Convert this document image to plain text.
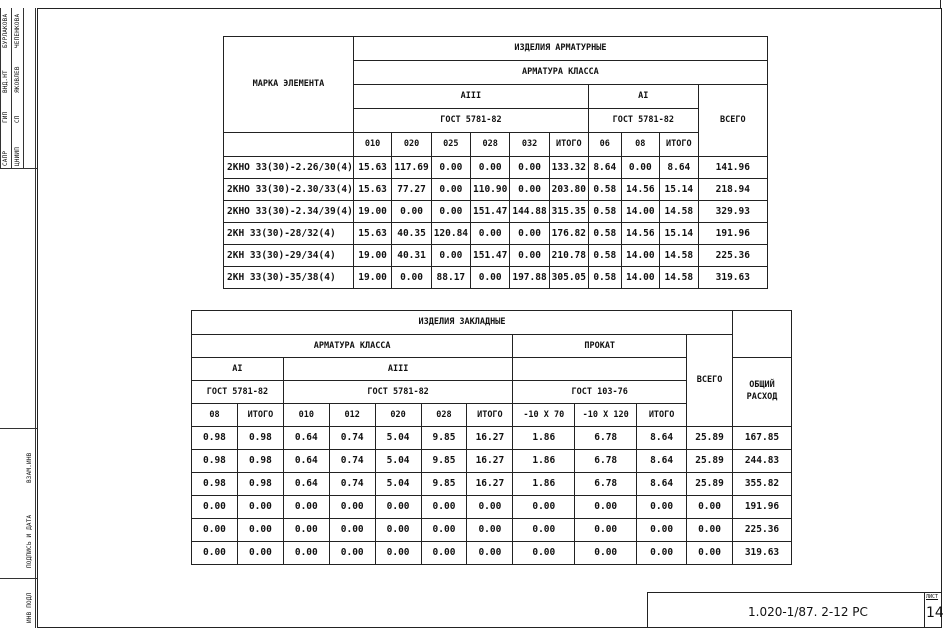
САПР ЦНИИП
ГИП СП
ВНД.НТ ЯКОВЛЕВ
БУРЛАКОВА ЧЕПЕНКОВА
ВЗАМ.ИНВ
ПОДПИСЬ И ДАТА
ИНВ ПОДЛ
МАРКА ЭЛЕМЕНТА	ИЗДЕЛИЯ АРМАТУРНЫЕ									
	АРМАТУРА КЛАССА									
	AIII						AI			ВСЕГО
	ГОСТ 5781-82						ГОСТ 5781-82			
	010	020	025	028	032	ИТОГО	06	08	ИТОГО	
2КНО 33(30)-2.26/30(4)	15.63	117.69	0.00	0.00	0.00	133.32	8.64	0.00	8.64	141.96
2КНО 33(30)-2.30/33(4)	15.63	77.27	0.00	110.90	0.00	203.80	0.58	14.56	15.14	218.94
2КНО 33(30)-2.34/39(4)	19.00	0.00	0.00	151.47	144.88	315.35	0.58	14.00	14.58	329.93
2КН 33(30)-28/32(4)	15.63	40.35	120.84	0.00	0.00	176.82	0.58	14.56	15.14	191.96
2КН 33(30)-29/34(4)	19.00	40.31	0.00	151.47	0.00	210.78	0.58	14.00	14.58	225.36
2КН 33(30)-35/38(4)	19.00	0.00	88.17	0.00	197.88	305.05	0.58	14.00	14.58	319.63
ИЗДЕЛИЯ ЗАКЛАДНЫЕ											
АРМАТУРА КЛАССА							ПРОКАТ			ВСЕГО	
AI		AIII									ОБЩИЙ РАСХОД
ГОСТ 5781-82		ГОСТ 5781-82					ГОСТ 103-76				
08	ИТОГО	010	012	020	028	ИТОГО	-10 X 70	-10 X 120	ИТОГО		
0.98	0.98	0.64	0.74	5.04	9.85	16.27	1.86	6.78	8.64	25.89	167.85
0.98	0.98	0.64	0.74	5.04	9.85	16.27	1.86	6.78	8.64	25.89	244.83
0.98	0.98	0.64	0.74	5.04	9.85	16.27	1.86	6.78	8.64	25.89	355.82
0.00	0.00	0.00	0.00	0.00	0.00	0.00	0.00	0.00	0.00	0.00	191.96
0.00	0.00	0.00	0.00	0.00	0.00	0.00	0.00	0.00	0.00	0.00	225.36
0.00	0.00	0.00	0.00	0.00	0.00	0.00	0.00	0.00	0.00	0.00	319.63
1.020-1/87. 2-12 РС
ЛИСТ
14
